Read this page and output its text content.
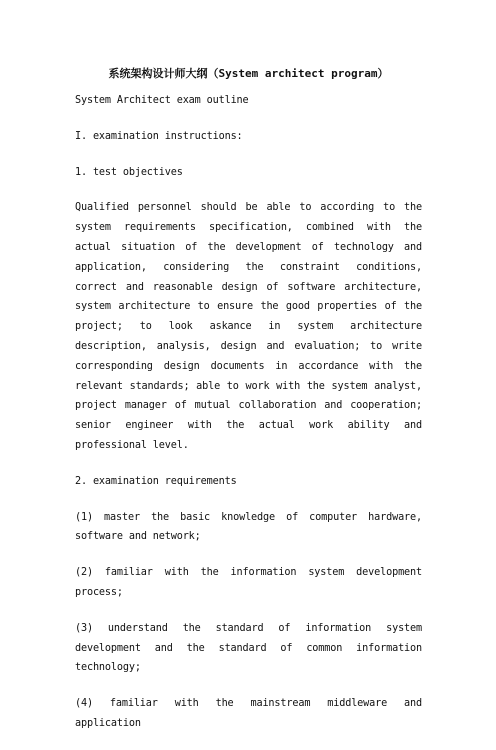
系统架构设计师大纲（System architect program）
System Architect exam outline
I. examination instructions:
1. test objectives
Qualified personnel should be able to according to the system requirements specification, combined with the actual situation of the development of technology and application, considering the constraint conditions, correct and reasonable design of software architecture, system architecture to ensure the good properties of the project; to look askance in system architecture description, analysis, design and evaluation; to write corresponding design documents in accordance with the relevant standards; able to work with the system analyst, project manager of mutual collaboration and cooperation; senior engineer with the actual work ability and professional level.
2. examination requirements
(1) master the basic knowledge of computer hardware, software and network;
(2) familiar with the information system development process;
(3) understand the standard of information system development and the standard of common information technology;
(4) familiar with the mainstream middleware and application
